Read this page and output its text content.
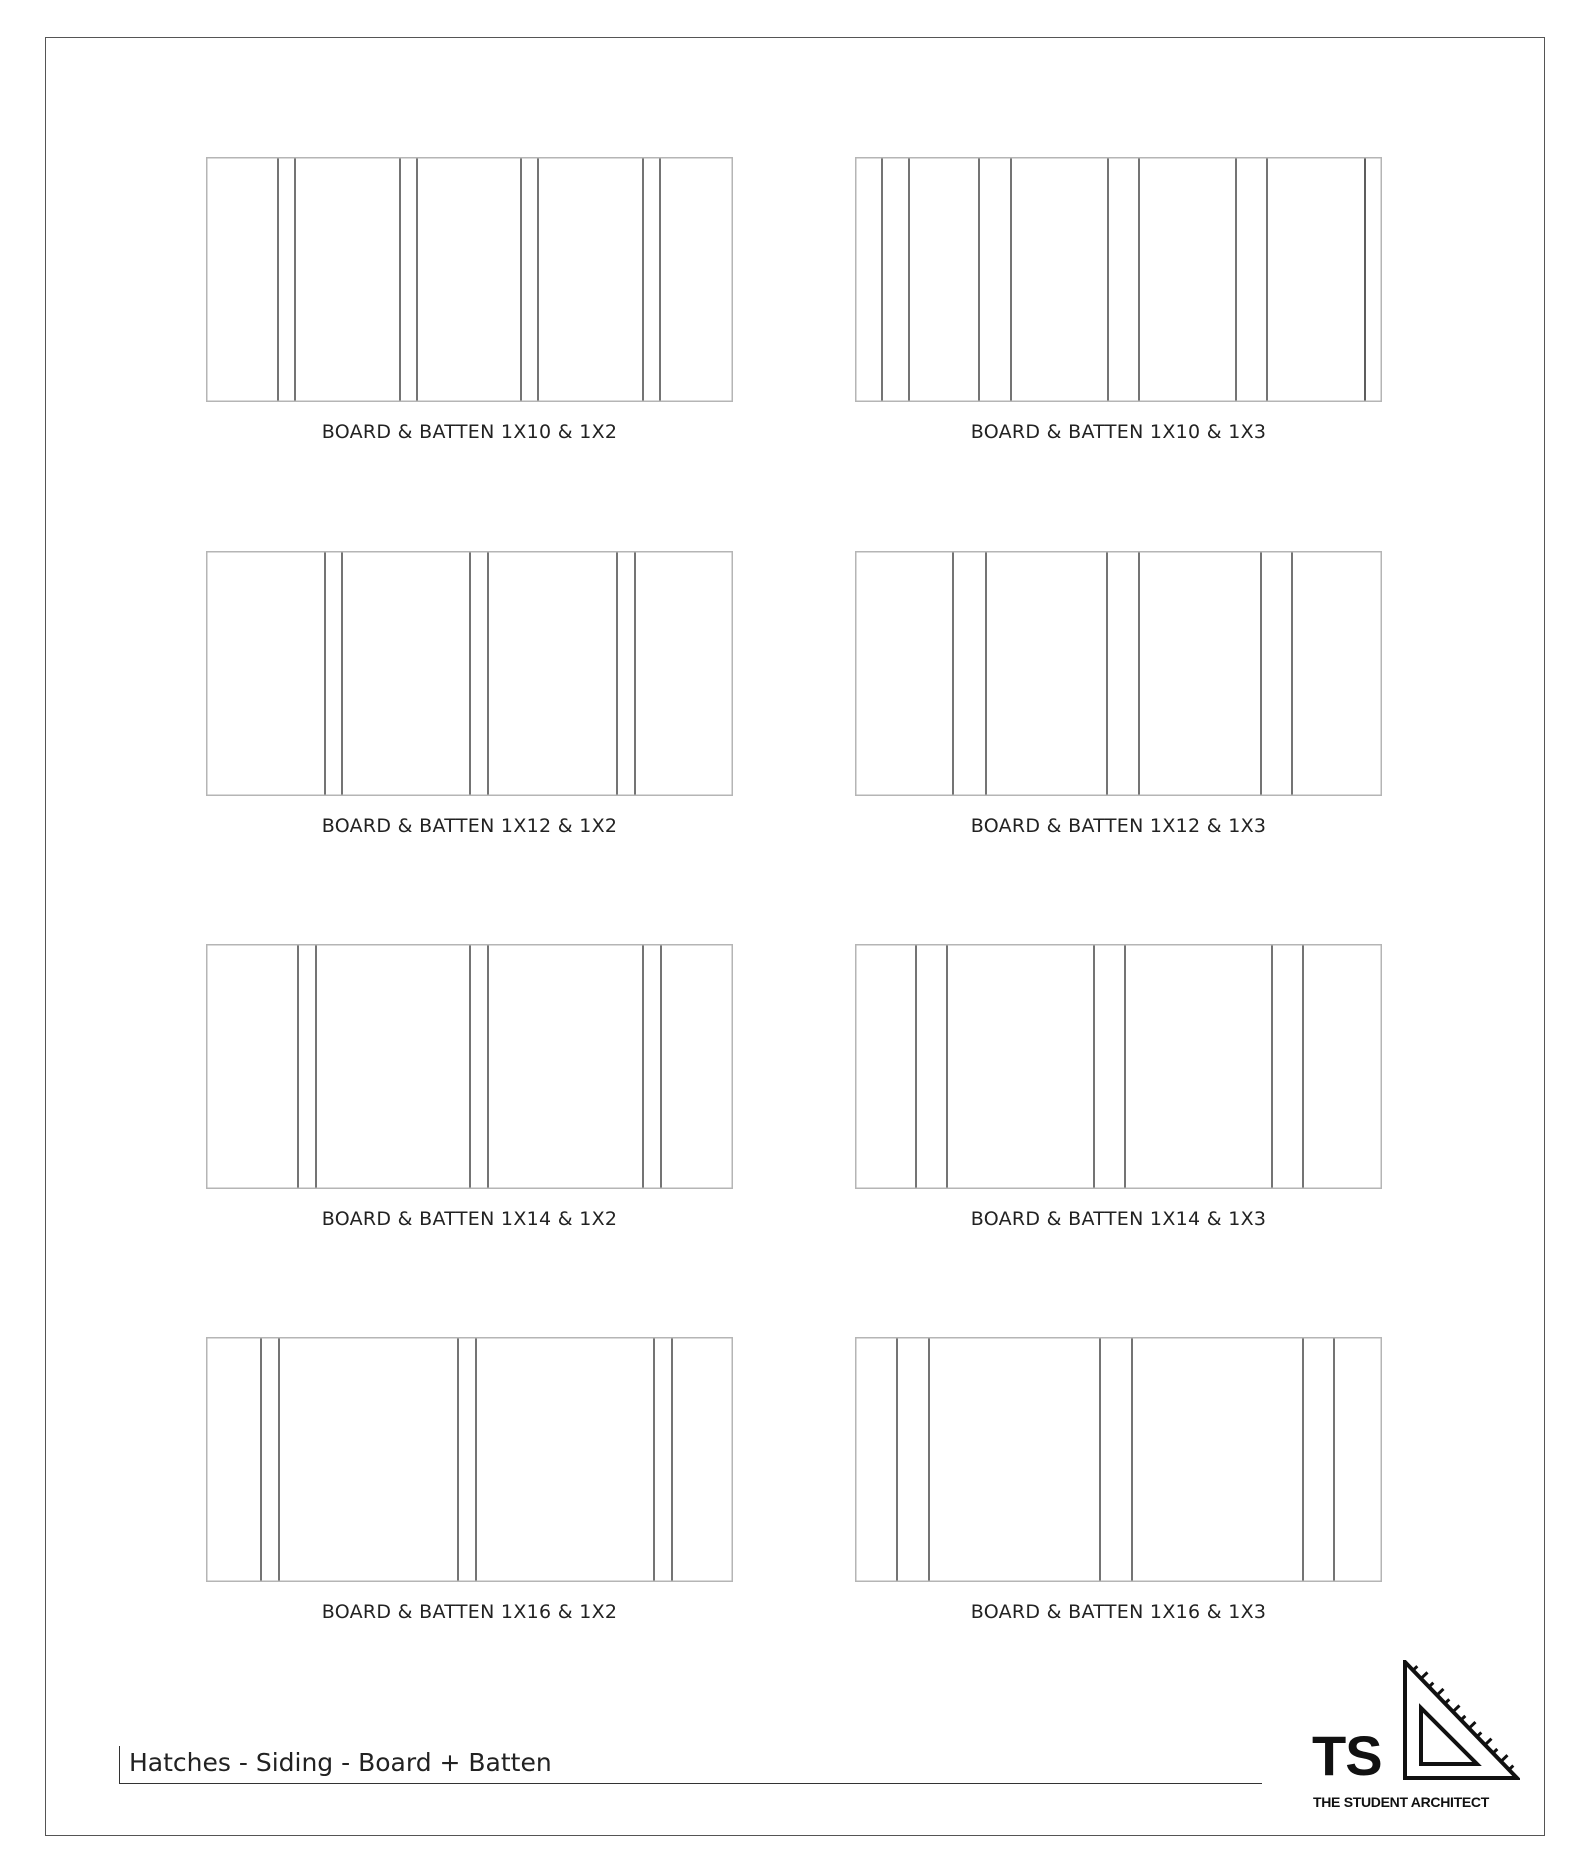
BOARD & BATTEN 1X10 & 1X2	BOARD & BATTEN 1X10 & 1X3
BOARD & BATTEN 1X12 & 1X2	BOARD & BATTEN 1X12 & 1X3
BOARD & BATTEN 1X14 & 1X2	BOARD & BATTEN 1X14 & 1X3
BOARD & BATTEN 1X16 & 1X2	BOARD & BATTEN 1X16 & 1X3
Hatches - Siding - Board + Batten	TS
THE STUDENT ARCHITECT
